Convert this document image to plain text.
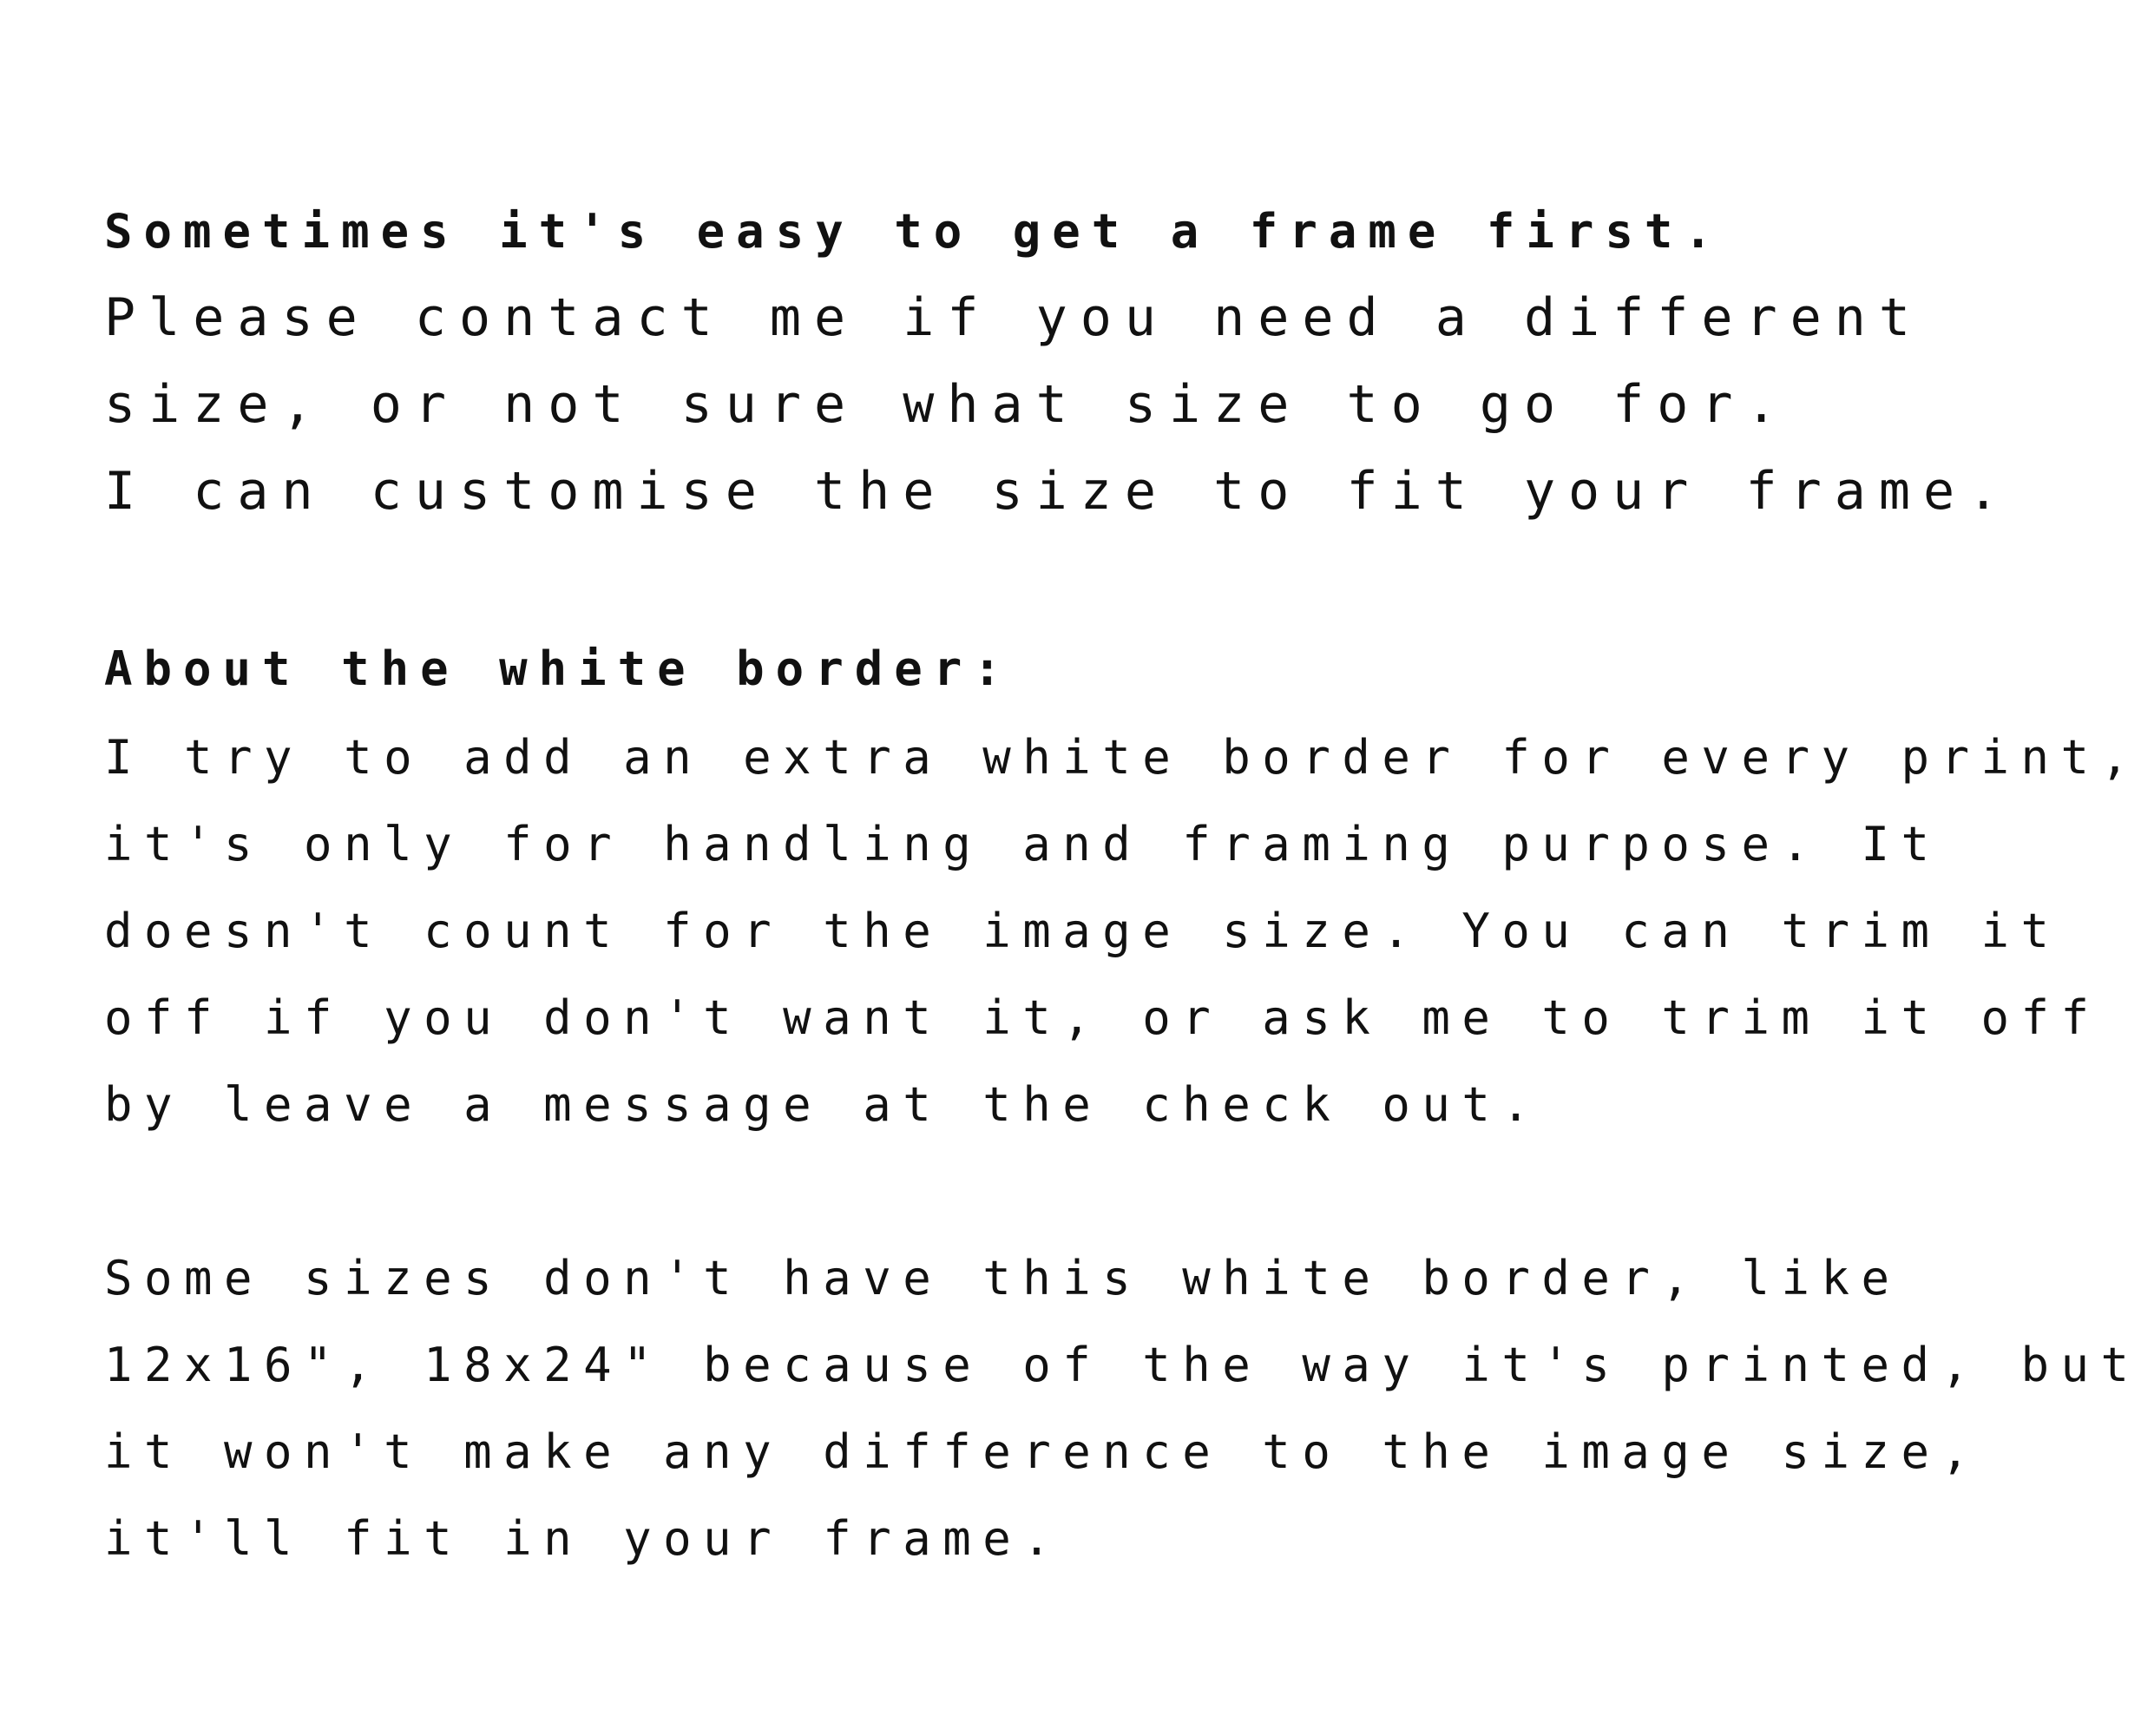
Sometimes it's easy to get a frame first.

Please contact me if you need a different

size, or not sure what size to go for.

I can customise the size to fit your frame.

About the white border:

I try to add an extra white border for every print,

it's only for handling and framing purpose. It

doesn't count for the image size. You can trim it

off if you don't want it, or ask me to trim it off

by leave a message at the check out.

Some sizes don't have this white border, like

12x16", 18x24" because of the way it's printed, but

it won't make any difference to the image size,

it'll fit in your frame.
